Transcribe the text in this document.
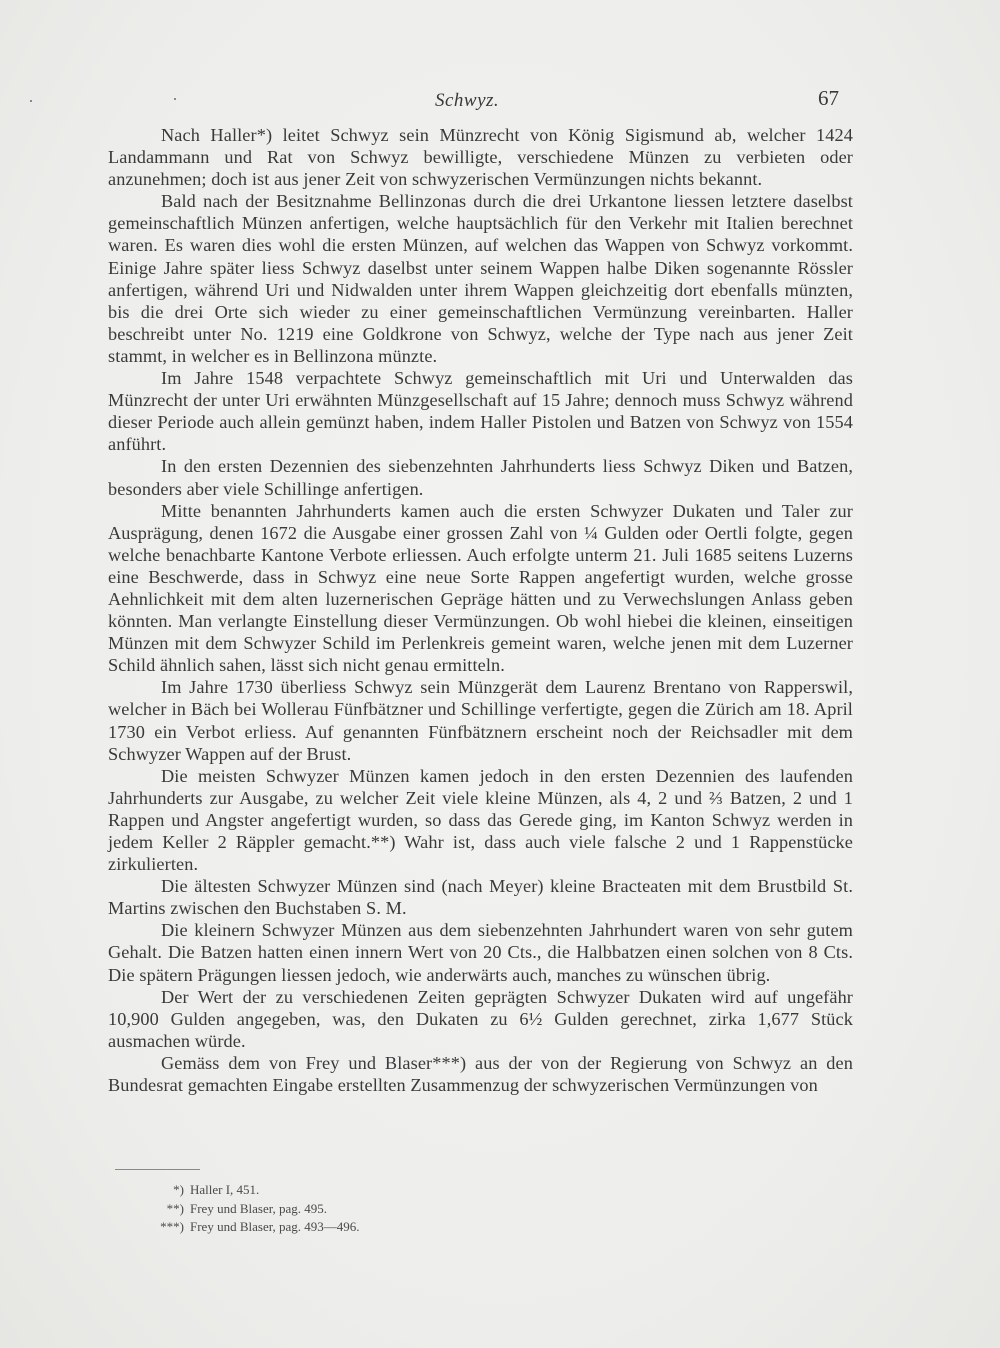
Schwyz.	67

Nach Haller*) leitet Schwyz sein Münzrecht von König Sigismund ab, welcher 1424 Landammann und Rat von Schwyz bewilligte, verschiedene Münzen zu verbieten oder anzunehmen; doch ist aus jener Zeit von schwyzerischen Vermünzungen nichts bekannt.

Bald nach der Besitznahme Bellinzonas durch die drei Urkantone liessen letztere daselbst gemeinschaftlich Münzen anfertigen, welche hauptsächlich für den Verkehr mit Italien berechnet waren. Es waren dies wohl die ersten Münzen, auf welchen das Wappen von Schwyz vorkommt. Einige Jahre später liess Schwyz daselbst unter seinem Wappen halbe Diken sogenannte Rössler anfertigen, während Uri und Nidwalden unter ihrem Wappen gleichzeitig dort ebenfalls münzten, bis die drei Orte sich wieder zu einer gemeinschaftlichen Vermünzung vereinbarten. Haller beschreibt unter No. 1219 eine Goldkrone von Schwyz, welche der Type nach aus jener Zeit stammt, in welcher es in Bellinzona münzte.

Im Jahre 1548 verpachtete Schwyz gemeinschaftlich mit Uri und Unterwalden das Münzrecht der unter Uri erwähnten Münzgesellschaft auf 15 Jahre; dennoch muss Schwyz während dieser Periode auch allein gemünzt haben, indem Haller Pistolen und Batzen von Schwyz von 1554 anführt.

In den ersten Dezennien des siebenzehnten Jahrhunderts liess Schwyz Diken und Batzen, besonders aber viele Schillinge anfertigen.

Mitte benannten Jahrhunderts kamen auch die ersten Schwyzer Dukaten und Taler zur Ausprägung, denen 1672 die Ausgabe einer grossen Zahl von ¼ Gulden oder Oertli folgte, gegen welche benachbarte Kantone Verbote erliessen. Auch erfolgte unterm 21. Juli 1685 seitens Luzerns eine Beschwerde, dass in Schwyz eine neue Sorte Rappen angefertigt wurden, welche grosse Aehnlichkeit mit dem alten luzernerischen Gepräge hätten und zu Verwechslungen Anlass geben könnten. Man verlangte Einstellung dieser Vermünzungen. Ob wohl hiebei die kleinen, einseitigen Münzen mit dem Schwyzer Schild im Perlenkreis gemeint waren, welche jenen mit dem Luzerner Schild ähnlich sahen, lässt sich nicht genau ermitteln.

Im Jahre 1730 überliess Schwyz sein Münzgerät dem Laurenz Brentano von Rapperswil, welcher in Bäch bei Wollerau Fünfbätzner und Schillinge verfertigte, gegen die Zürich am 18. April 1730 ein Verbot erliess. Auf genannten Fünfbätznern erscheint noch der Reichsadler mit dem Schwyzer Wappen auf der Brust.

Die meisten Schwyzer Münzen kamen jedoch in den ersten Dezennien des laufenden Jahrhunderts zur Ausgabe, zu welcher Zeit viele kleine Münzen, als 4, 2 und ⅔ Batzen, 2 und 1 Rappen und Angster angefertigt wurden, so dass das Gerede ging, im Kanton Schwyz werden in jedem Keller 2 Räppler gemacht.**) Wahr ist, dass auch viele falsche 2 und 1 Rappenstücke zirkulierten.

Die ältesten Schwyzer Münzen sind (nach Meyer) kleine Bracteaten mit dem Brustbild St. Martins zwischen den Buchstaben S. M.

Die kleinern Schwyzer Münzen aus dem siebenzehnten Jahrhundert waren von sehr gutem Gehalt. Die Batzen hatten einen innern Wert von 20 Cts., die Halbbatzen einen solchen von 8 Cts. Die spätern Prägungen liessen jedoch, wie anderwärts auch, manches zu wünschen übrig.

Der Wert der zu verschiedenen Zeiten geprägten Schwyzer Dukaten wird auf ungefähr 10,900 Gulden angegeben, was, den Dukaten zu 6½ Gulden gerechnet, zirka 1,677 Stück ausmachen würde.

Gemäss dem von Frey und Blaser***) aus der von der Regierung von Schwyz an den Bundesrat gemachten Eingabe erstellten Zusammenzug der schwyzerischen Vermünzungen von

*) Haller I, 451.
**) Frey und Blaser, pag. 495.
***) Frey und Blaser, pag. 493—496.
